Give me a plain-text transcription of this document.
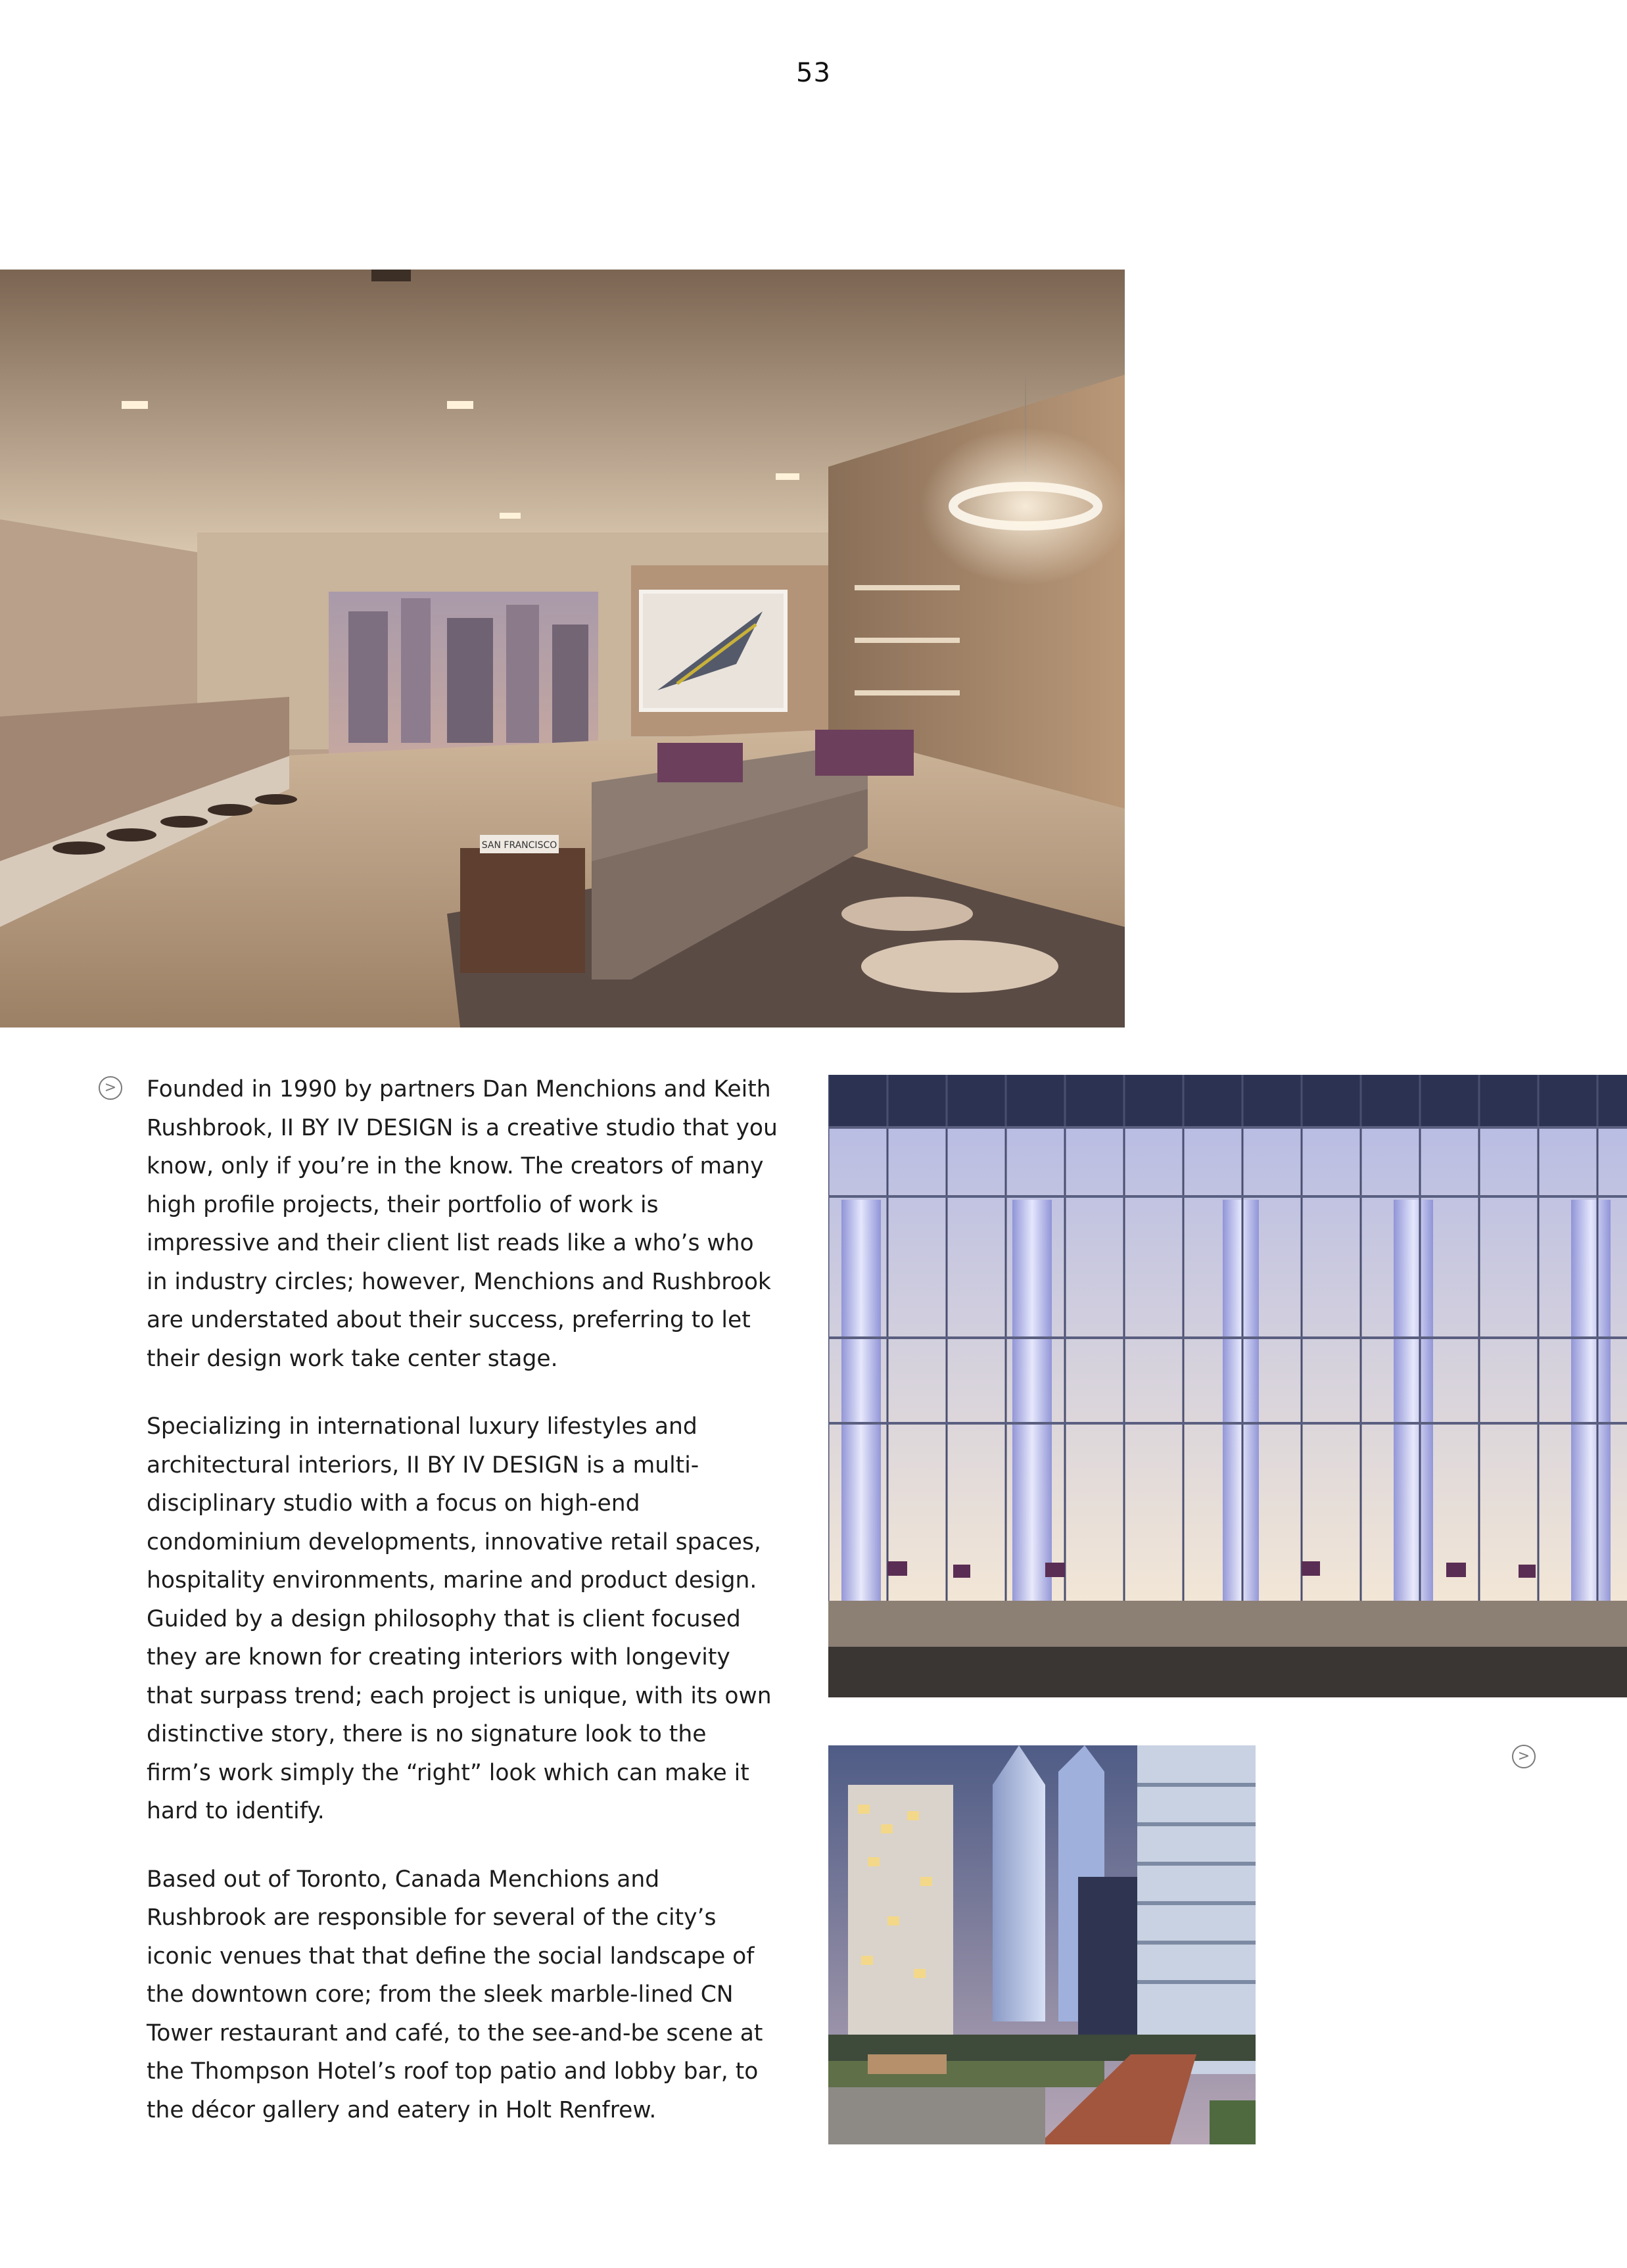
53
SAN FRANCISCO
>
>

Founded in 1990 by partners Dan Menchions and Keith Rushbrook, II BY IV DESIGN is a creative studio that you know, only if you’re in the know. The creators of many high profile projects, their portfolio of work is impressive and their client list reads like a who’s who in industry circles; however, Menchions and Rushbrook are understated about their success, preferring to let their design work take center stage.

Specializing in international luxury lifestyles and architectural interiors, II BY IV DESIGN is a multi-disciplinary studio with a focus on high-end condominium developments, innovative retail spaces, hospitality environments, marine and product design. Guided by a design philosophy that is client focused they are known for creating interiors with longevity that surpass trend; each project is unique, with its own distinctive story, there is no signature look to the firm’s work simply the “right” look which can make it hard to identify.

Based out of Toronto, Canada Menchions and Rushbrook are responsible for several of the city’s iconic venues that that define the social landscape of the downtown core; from the sleek marble-lined CN Tower restaurant and café, to the see-and-be scene at the Thompson Hotel’s roof top patio and lobby bar, to the décor gallery and eatery in Holt Renfrew.
